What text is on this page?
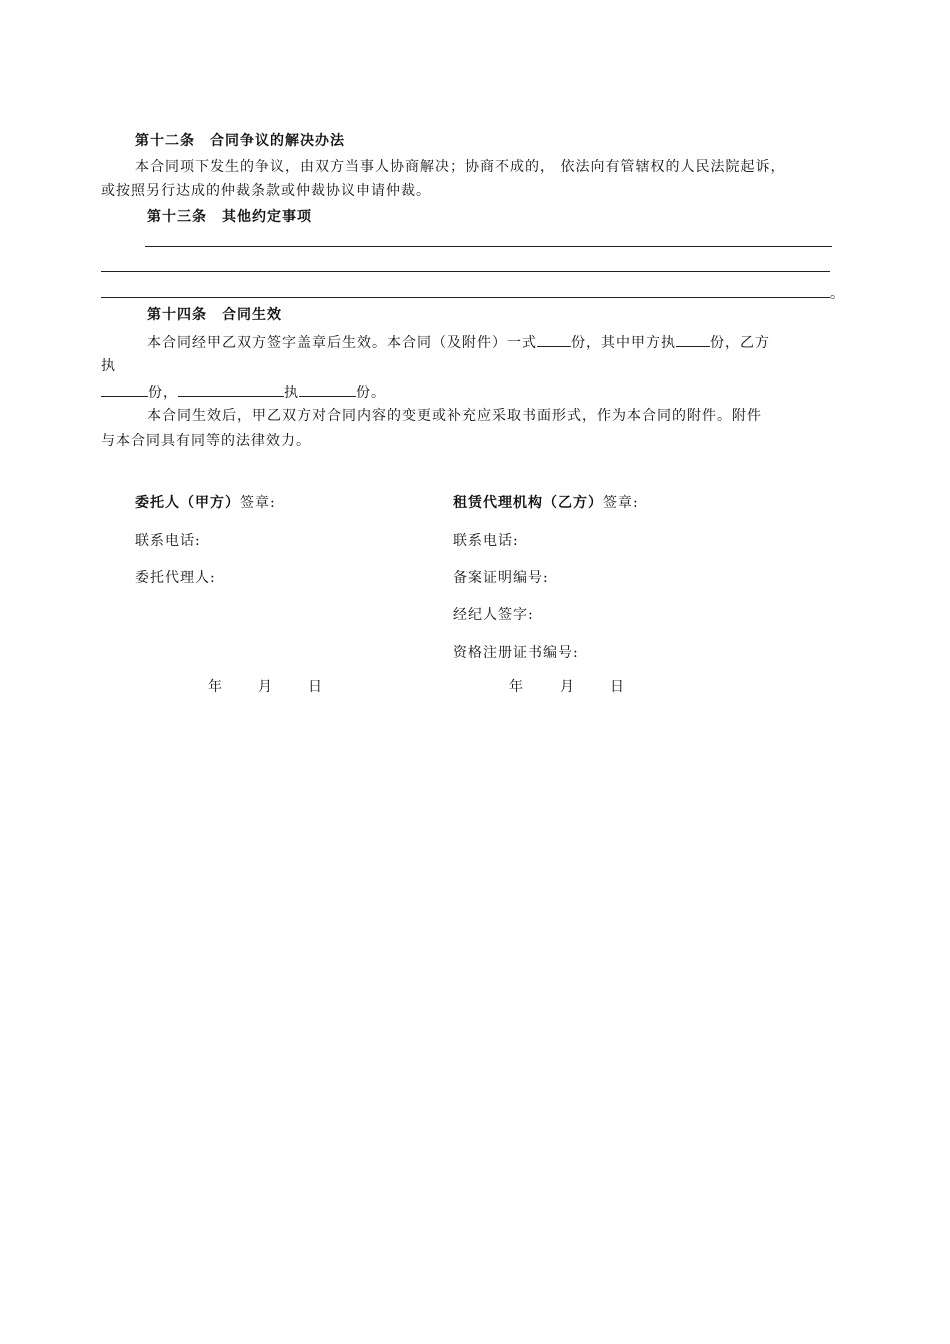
第十二条　合同争议的解决办法
本合同项下发生的争议，由双方当事人协商解决；协商不成的， 依法向有管辖权的人民法院起诉，
或按照另行达成的仲裁条款或仲裁协议申请仲裁。
第十三条　其他约定事项
。
第十四条　合同生效
本合同经甲乙双方签字盖章后生效。本合同（及附件）一式 份，其中甲方执 份，乙方
执
份，	执	份。
本合同生效后，甲乙双方对合同内容的变更或补充应采取书面形式，作为本合同的附件。附件
与本合同具有同等的法律效力。
委托人（甲方）签章:
联系电话:
委托代理人:
年	月	日
租赁代理机构（乙方）签章:
联系电话:
备案证明编号:
经纪人签字:
资格注册证书编号:
年	月	日
